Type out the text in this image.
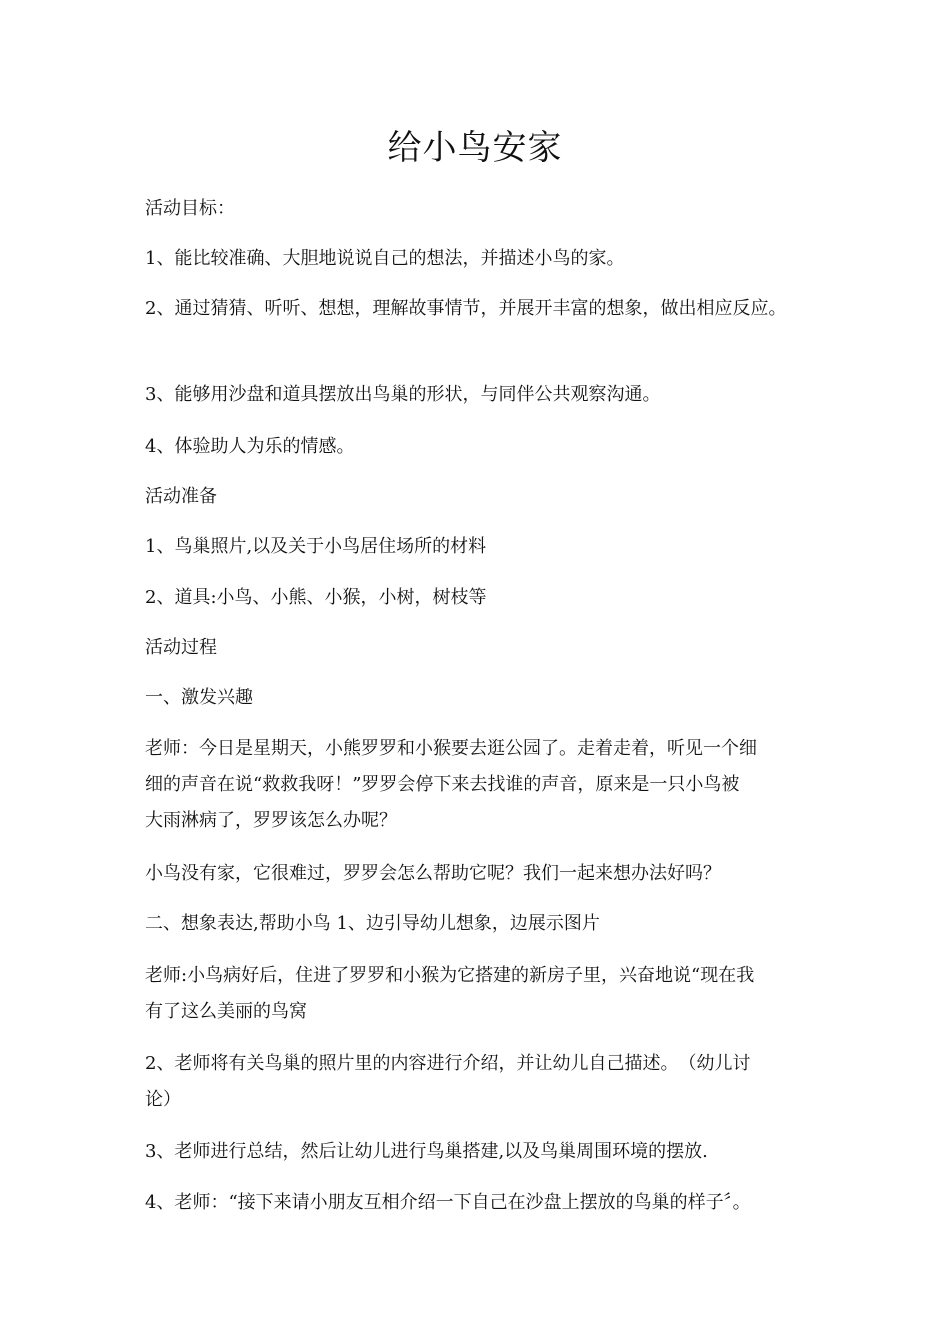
给小鸟安家
活动目标：
1、能比较准确、大胆地说说自己的想法，并描述小鸟的家。
2、通过猜猜、听听、想想，理解故事情节，并展开丰富的想象，做出相应反应。
3、能够用沙盘和道具摆放出鸟巢的形状，与同伴公共观察沟通。
4、体验助人为乐的情感。
活动准备
1、鸟巢照片,以及关于小鸟居住场所的材料
2、道具:小鸟、小熊、小猴，小树，树枝等
活动过程
一、激发兴趣
老师：今日是星期天，小熊罗罗和小猴要去逛公园了。走着走着，听见一个细
细的声音在说“救救我呀！”罗罗会停下来去找谁的声音，原来是一只小鸟被
大雨淋病了，罗罗该怎么办呢？
小鸟没有家，它很难过，罗罗会怎么帮助它呢？我们一起来想办法好吗？
二、想象表达,帮助小鸟 1、边引导幼儿想象，边展示图片
老师:小鸟病好后，住进了罗罗和小猴为它搭建的新房子里，兴奋地说“现在我
有了这么美丽的鸟窝
2、老师将有关鸟巢的照片里的内容进行介绍，并让幼儿自己描述。　（幼儿讨
论）
3、老师进行总结，然后让幼儿进行鸟巢搭建,以及鸟巢周围环境的摆放.
4、老师：“接下来请小朋友互相介绍一下自己在沙盘上摆放的鸟巢的样子〞。
